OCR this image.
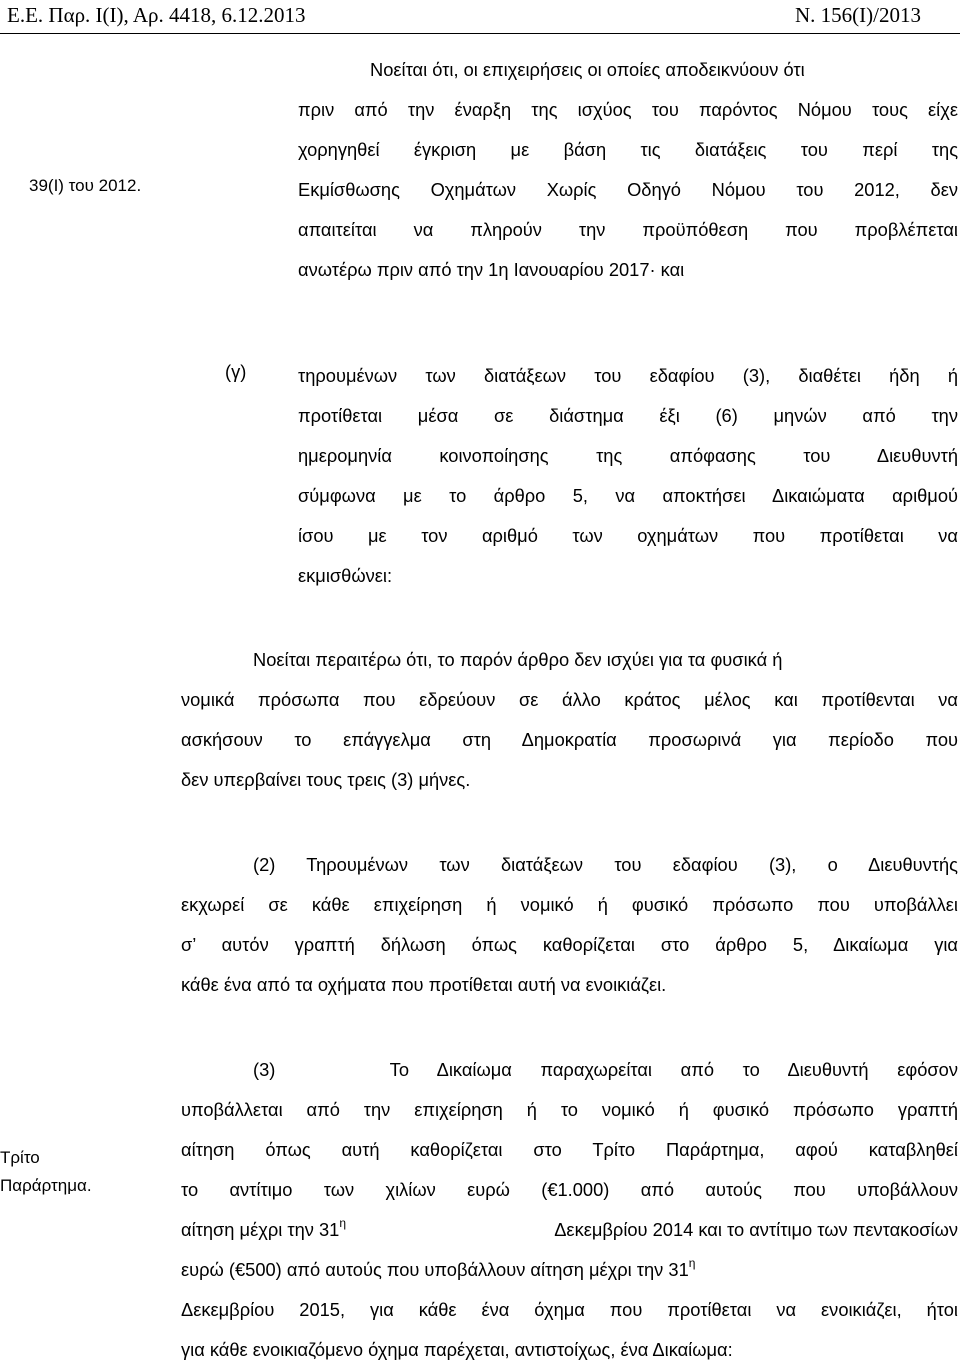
Ε.Ε. Παρ. Ι(Ι), Αρ. 4418, 6.12.2013	Ν. 156(Ι)/2013
39(Ι) του 2012.
Νοείται ότι, οι επιχειρήσεις οι οποίες αποδεικνύουν ότι
πριν από την έναρξη της ισχύος του παρόντος Νόμου τους είχε
χορηγηθεί έγκριση με βάση τις διατάξεις του περί της
Εκμίσθωσης Οχημάτων Χωρίς Οδηγό Νόμου του 2012, δεν
απαιτείται να πληρούν την προϋπόθεση που προβλέπεται
ανωτέρω πριν από την 1η Ιανουαρίου 2017· και
(γ)	τηρουμένων των διατάξεων του εδαφίου (3), διαθέτει ήδη ή
προτίθεται μέσα σε διάστημα έξι (6) μηνών από την
ημερομηνία κοινοποίησης της απόφασης του Διευθυντή
σύμφωνα με το άρθρο 5, να αποκτήσει Δικαιώματα αριθμού
ίσου με τον αριθμό των οχημάτων που προτίθεται να
εκμισθώνει:
Νοείται περαιτέρω ότι, το παρόν άρθρο δεν ισχύει για τα φυσικά ή
νομικά πρόσωπα που εδρεύουν σε άλλο κράτος μέλος και προτίθενται να
ασκήσουν το επάγγελμα στη Δημοκρατία προσωρινά για περίοδο που
δεν υπερβαίνει τους τρεις (3) μήνες.
(2) Τηρουμένων των διατάξεων του εδαφίου (3), ο Διευθυντής
εκχωρεί σε κάθε επιχείρηση ή νομικό ή φυσικό πρόσωπο που υποβάλλει
σ’ αυτόν γραπτή δήλωση όπως καθορίζεται στο άρθρο 5, Δικαίωμα για
κάθε ένα από τα οχήματα που προτίθεται αυτή να ενοικιάζει.
Τρίτο
Παράρτημα.
(3)    Το Δικαίωμα παραχωρείται από το Διευθυντή εφόσον
υποβάλλεται από την επιχείρηση ή το νομικό ή φυσικό πρόσωπο γραπτή
αίτηση όπως αυτή καθορίζεται στο Τρίτο Παράρτημα, αφού καταβληθεί
το αντίτιμο των χιλίων ευρώ (€1.000) από αυτούς που υποβάλλουν
αίτηση μέχρι την $31^\eta$	Δεκεμβρίου 2014 και το αντίτιμο των πεντακοσίων
ευρώ (€500) από αυτούς που υποβάλλουν αίτηση μέχρι την $31^\eta$
Δεκεμβρίου 2015, για κάθε ένα όχημα που προτίθεται να ενοικιάζει, ήτοι
για κάθε ενοικιαζόμενο όχημα παρέχεται, αντιστοίχως, ένα Δικαίωμα:
